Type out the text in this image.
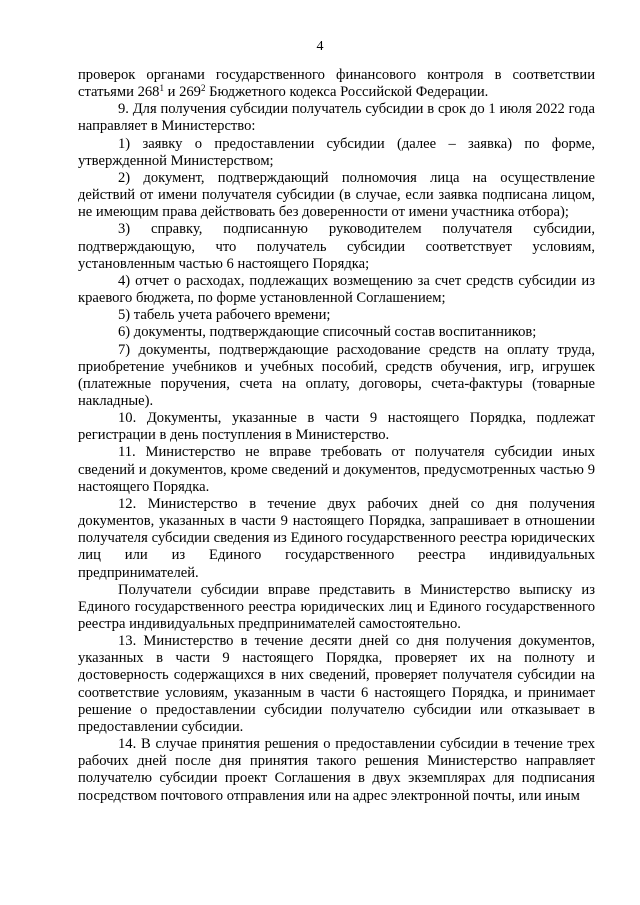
4

проверок органами государственного финансового контроля в соответствии статьями $268^1$ и $269^2$ Бюджетного кодекса Российской Федерации.

9. Для получения субсидии получатель субсидии в срок до 1 июля 2022 года направляет в Министерство:

1) заявку о предоставлении субсидии (далее – заявка) по форме, утвержденной Министерством;

2) документ, подтверждающий полномочия лица на осуществление действий от имени получателя субсидии (в случае, если заявка подписана лицом, не имеющим права действовать без доверенности от имени участника отбора);

3) справку, подписанную руководителем получателя субсидии, подтверждающую, что получатель субсидии соответствует условиям, установленным частью 6 настоящего Порядка;

4) отчет о расходах, подлежащих возмещению за счет средств субсидии из краевого бюджета, по форме установленной Соглашением;

5) табель учета рабочего времени;

6) документы, подтверждающие списочный состав воспитанников;

7) документы, подтверждающие расходование средств на оплату труда, приобретение учебников и учебных пособий, средств обучения, игр, игрушек (платежные поручения, счета на оплату, договоры, счета-фактуры (товарные накладные).

10. Документы, указанные в части 9 настоящего Порядка, подлежат регистрации в день поступления в Министерство.

11. Министерство не вправе требовать от получателя субсидии иных сведений и документов, кроме сведений и документов, предусмотренных частью 9 настоящего Порядка.

12. Министерство в течение двух рабочих дней со дня получения документов, указанных в части 9 настоящего Порядка, запрашивает в отношении получателя субсидии сведения из Единого государственного реестра юридических лиц или из Единого государственного реестра индивидуальных предпринимателей.

Получатели субсидии вправе представить в Министерство выписку из Единого государственного реестра юридических лиц и Единого государственного реестра индивидуальных предпринимателей самостоятельно.

13. Министерство в течение десяти дней со дня получения документов, указанных в части 9 настоящего Порядка, проверяет их на полноту и достоверность содержащихся в них сведений, проверяет получателя субсидии на соответствие условиям, указанным в части 6 настоящего Порядка, и принимает решение о предоставлении субсидии получателю субсидии или отказывает в предоставлении субсидии.

14. В случае принятия решения о предоставлении субсидии в течение трех рабочих дней после дня принятия такого решения Министерство направляет получателю субсидии проект Соглашения в двух экземплярах для подписания посредством почтового отправления или на адрес электронной почты, или иным
